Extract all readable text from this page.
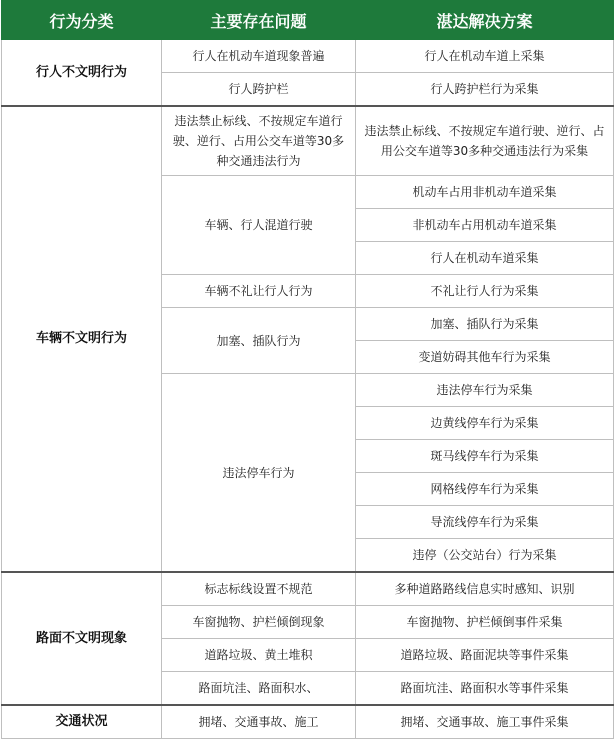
行为分类	主要存在问题	湛达解决方案
行人不文明行为	行人在机动车道现象普遍	行人在机动车道上采集
	行人跨护栏	行人跨护栏行为采集
车辆不文明行为	违法禁止标线、不按规定车道行驶、逆行、占用公交车道等30多种交通违法行为	违法禁止标线、不按规定车道行驶、逆行、占用公交车道等30多种交通违法行为采集
	车辆、行人混道行驶	机动车占用非机动车道采集
		非机动车占用机动车道采集
		行人在机动车道采集
	车辆不礼让行人行为	不礼让行人行为采集
	加塞、插队行为	加塞、插队行为采集
		变道妨碍其他车行为采集
	违法停车行为	违法停车行为采集
		边黄线停车行为采集
		斑马线停车行为采集
		网格线停车行为采集
		导流线停车行为采集
		违停（公交站台）行为采集
路面不文明现象	标志标线设置不规范	多种道路路线信息实时感知、识别
	车窗抛物、护栏倾倒现象	车窗抛物、护栏倾倒事件采集
	道路垃圾、黄土堆积	道路垃圾、路面泥块等事件采集
	路面坑洼、路面积水、	路面坑洼、路面积水等事件采集
交通状况	拥堵、交通事故、施工	拥堵、交通事故、施工事件采集
